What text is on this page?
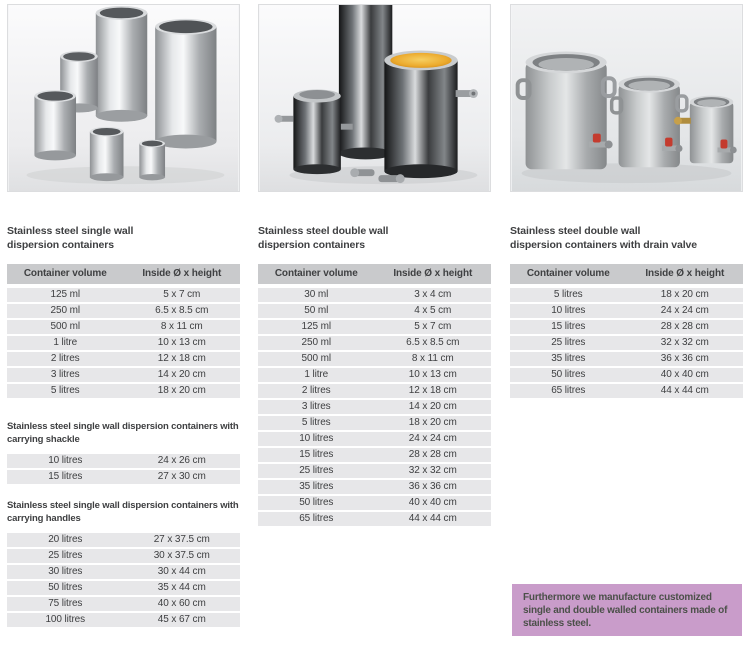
Stainless steel single wall
dispersion containers
Container volume	Inside Ø x height
125 ml	5 x 7 cm
250 ml	6.5 x 8.5 cm
500 ml	8 x 11 cm
1 litre	10 x 13 cm
2 litres	12 x 18 cm
3 litres	14 x 20 cm
5 litres	18 x 20 cm
Stainless steel single wall dispersion containers with carrying shackle
10 litres	24 x 26 cm
15 litres	27 x 30 cm
Stainless steel single wall dispersion containers with carrying handles
20 litres	27 x 37.5 cm
25 litres	30 x 37.5 cm
30 litres	30 x 44 cm
50 litres	35 x 44 cm
75 litres	40 x 60 cm
100 litres	45 x 67 cm
Stainless steel double wall
dispersion containers
Container volume	Inside Ø x height
30 ml	3 x 4 cm
50 ml	4 x 5 cm
125 ml	5 x 7 cm
250 ml	6.5 x 8.5 cm
500 ml	8 x 11 cm
1 litre	10 x 13 cm
2 litres	12 x 18 cm
3 litres	14 x 20 cm
5 litres	18 x 20 cm
10 litres	24 x 24 cm
15 litres	28 x 28 cm
25 litres	32 x 32 cm
35 litres	36 x 36 cm
50 litres	40 x 40 cm
65 litres	44 x 44 cm
Stainless steel double wall
dispersion containers with drain valve
Container volume	Inside Ø x height
5 litres	18 x 20 cm
10 litres	24 x 24 cm
15 litres	28 x 28 cm
25 litres	32 x 32 cm
35 litres	36 x 36 cm
50 litres	40 x 40 cm
65 litres	44 x 44 cm
Furthermore we manufacture customized single and double walled containers made of stainless steel.
